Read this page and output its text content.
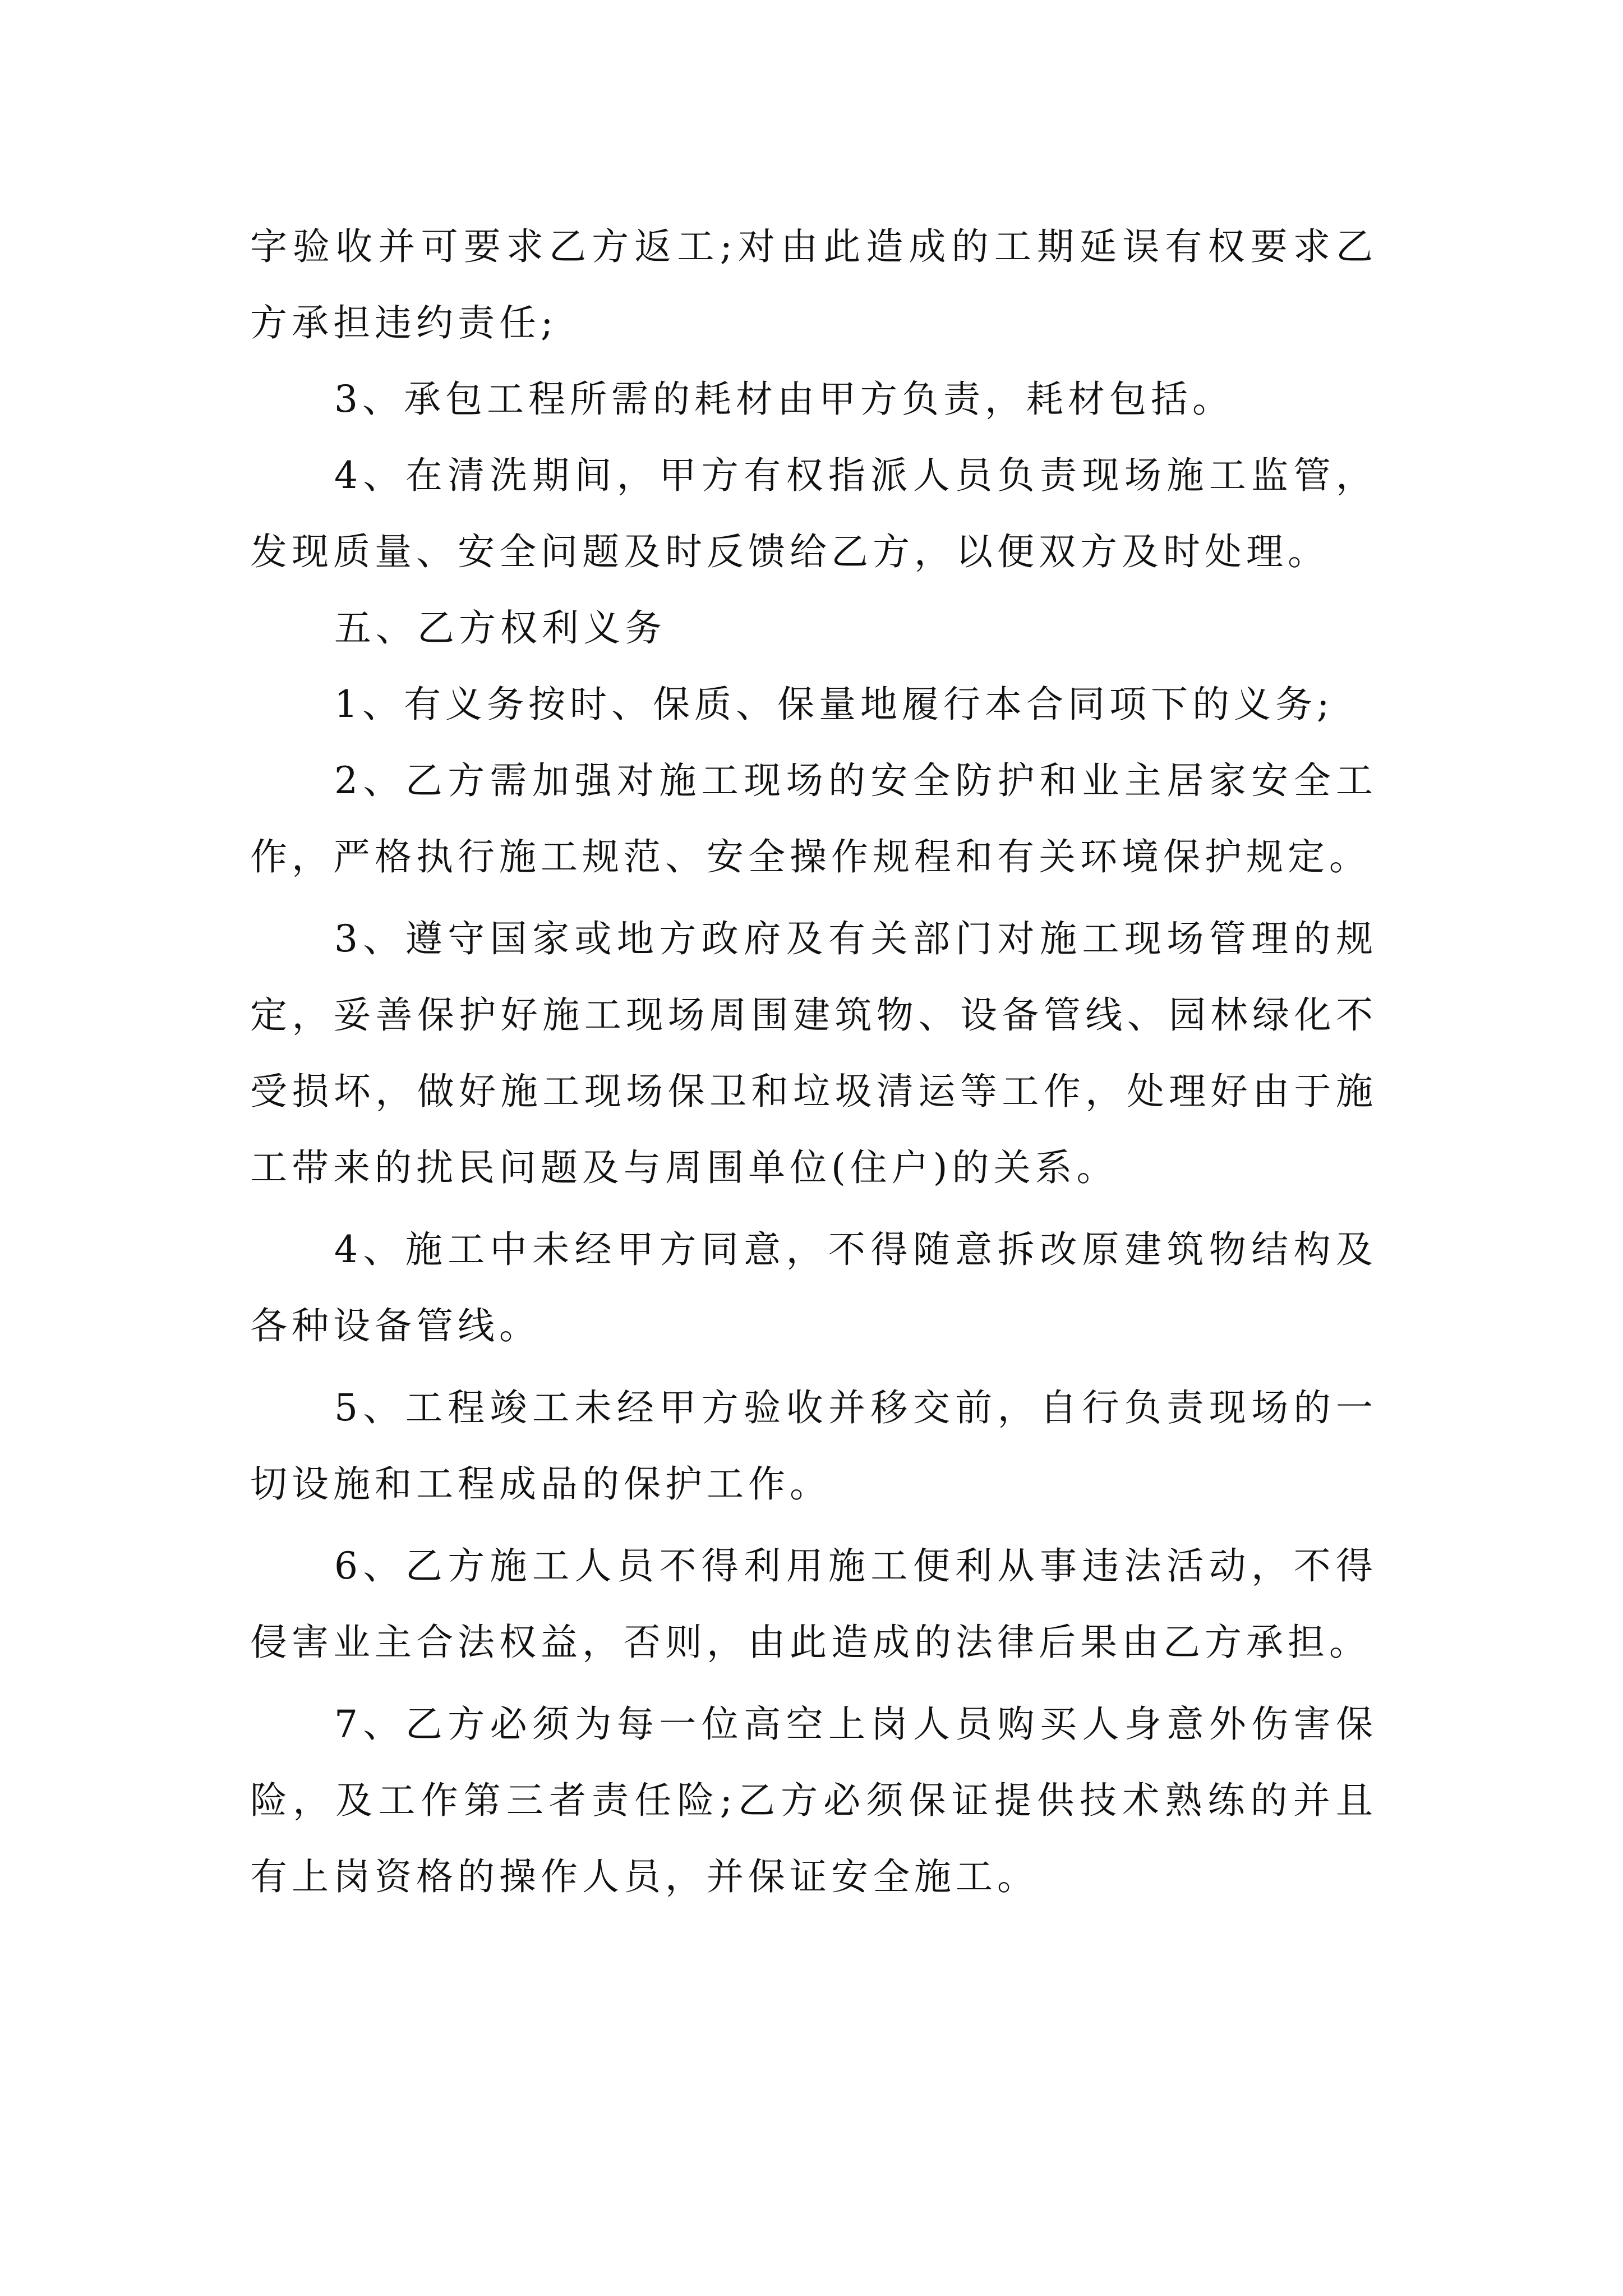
字验收并可要求乙方返工;对由此造成的工期延误有权要求乙方承担违约责任;

3、承包工程所需的耗材由甲方负责，耗材包括。

4、在清洗期间，甲方有权指派人员负责现场施工监管，发现质量、安全问题及时反馈给乙方，以便双方及时处理。

五、乙方权利义务

1、有义务按时、保质、保量地履行本合同项下的义务;

2、乙方需加强对施工现场的安全防护和业主居家安全工作，严格执行施工规范、安全操作规程和有关环境保护规定。

3、遵守国家或地方政府及有关部门对施工现场管理的规定，妥善保护好施工现场周围建筑物、设备管线、园林绿化不受损坏，做好施工现场保卫和垃圾清运等工作，处理好由于施工带来的扰民问题及与周围单位(住户)的关系。

4、施工中未经甲方同意，不得随意拆改原建筑物结构及各种设备管线。

5、工程竣工未经甲方验收并移交前，自行负责现场的一切设施和工程成品的保护工作。

6、乙方施工人员不得利用施工便利从事违法活动，不得侵害业主合法权益，否则，由此造成的法律后果由乙方承担。

7、乙方必须为每一位高空上岗人员购买人身意外伤害保险，及工作第三者责任险;乙方必须保证提供技术熟练的并且有上岗资格的操作人员，并保证安全施工。
